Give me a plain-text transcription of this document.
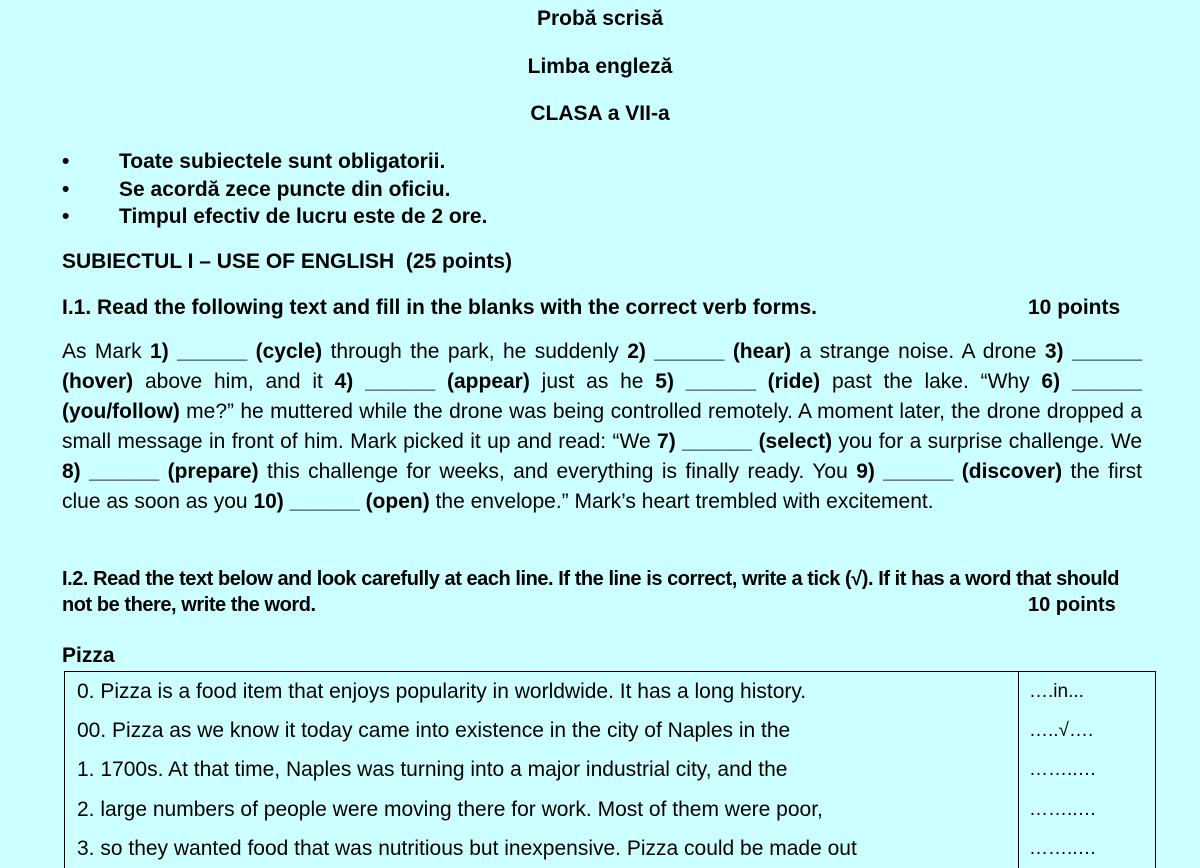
Probă scrisă
Limba engleză
CLASA a VII-a
• Toate subiectele sunt obligatorii.
• Se acordă zece puncte din oficiu.
• Timpul efectiv de lucru este de 2 ore.
SUBIECTUL I – USE OF ENGLISH  (25 points)
I.1. Read the following text and fill in the blanks with the correct verb forms.	10 points
As Mark 1) ______ (cycle) through the park, he suddenly 2) ______ (hear) a strange noise. A drone 3) ______ (hover) above him, and it 4) ______ (appear) just as he 5) ______ (ride) past the lake. “Why 6) ______ (you/follow) me?” he muttered while the drone was being controlled remotely. A moment later, the drone dropped a small message in front of him. Mark picked it up and read: “We 7) ______ (select) you for a surprise challenge. We 8) ______ (prepare) this challenge for weeks, and everything is finally ready. You 9) ______ (discover) the first clue as soon as you 10) ______ (open) the envelope.” Mark’s heart trembled with excitement.
I.2. Read the text below and look carefully at each line. If the line is correct, write a tick (√). If it has a word that should not be there, write the word.	10 points
Pizza
0. Pizza is a food item that enjoys popularity in worldwide. It has a long history.	….in...
00. Pizza as we know it today came into existence in the city of Naples in the	…..√….
1. 1700s. At that time, Naples was turning into a major industrial city, and the	……..…
2. large numbers of people were moving there for work. Most of them were poor,	……..…
3. so they wanted food that was nutritious but inexpensive. Pizza could be made out	……..…
